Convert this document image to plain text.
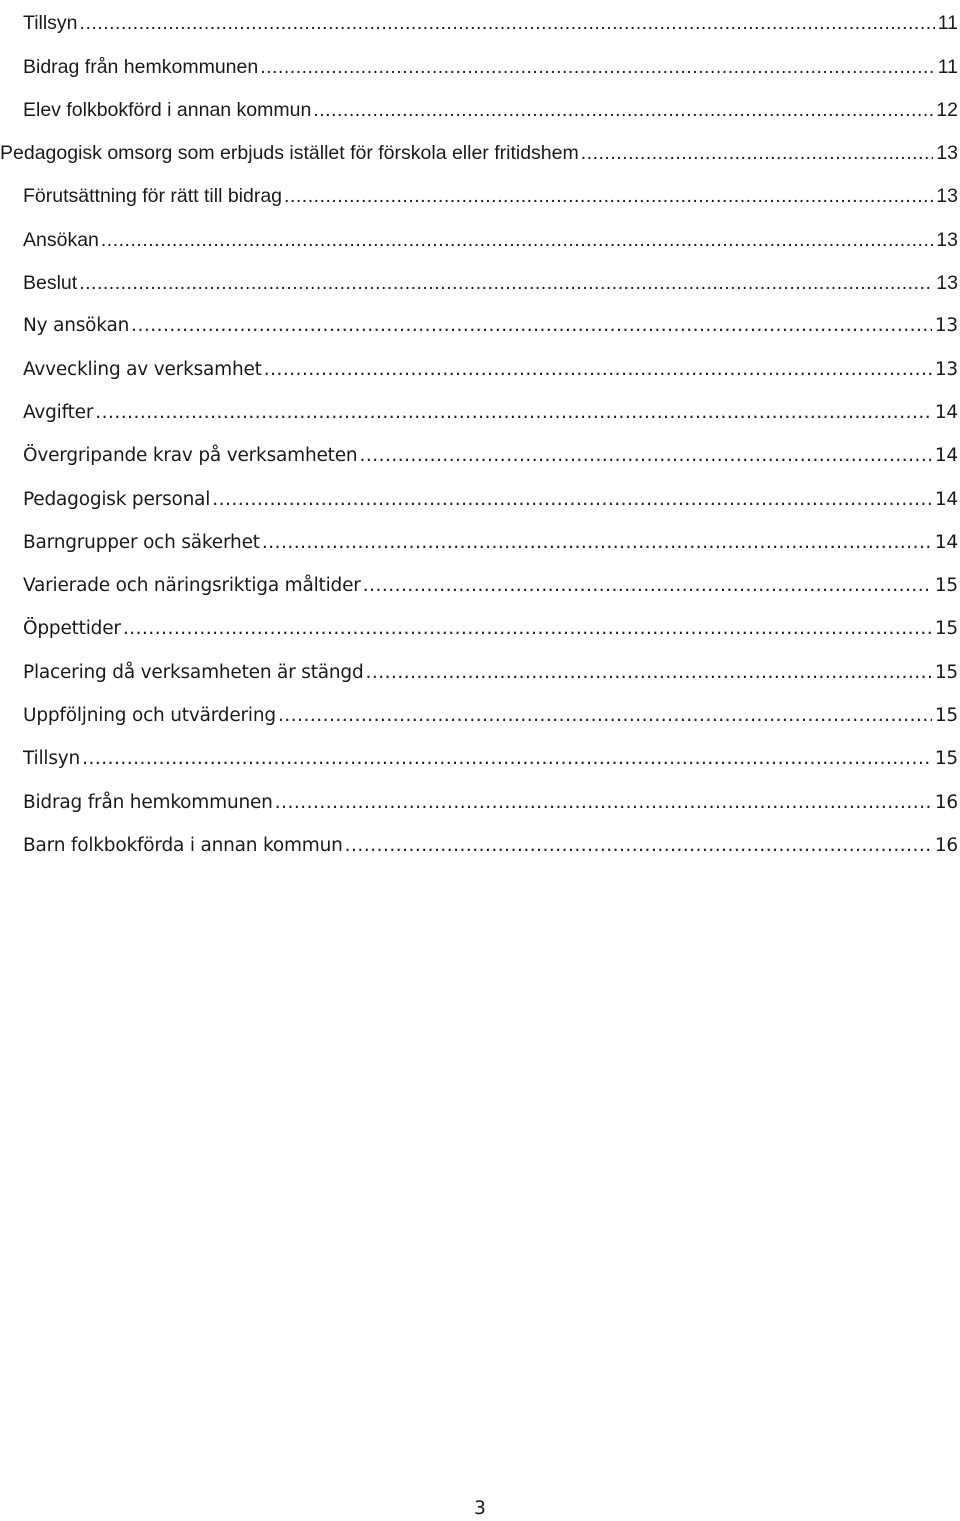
Tillsyn .....	11
Bidrag från hemkommunen .....	11
Elev folkbokförd i annan kommun .....	12
Pedagogisk omsorg som erbjuds istället för förskola eller fritidshem .....	13
Förutsättning för rätt till bidrag .....	13
Ansökan .....	13
Beslut .....	13
Ny ansökan .....	13
Avveckling av verksamhet .....	13
Avgifter .....	14
Övergripande krav på verksamheten .....	14
Pedagogisk personal .....	14
Barngrupper och säkerhet .....	14
Varierade och näringsriktiga måltider .....	15
Öppettider .....	15
Placering då verksamheten är stängd .....	15
Uppföljning och utvärdering .....	15
Tillsyn .....	15
Bidrag från hemkommunen .....	16
Barn folkbokförda i annan kommun .....	16
3
